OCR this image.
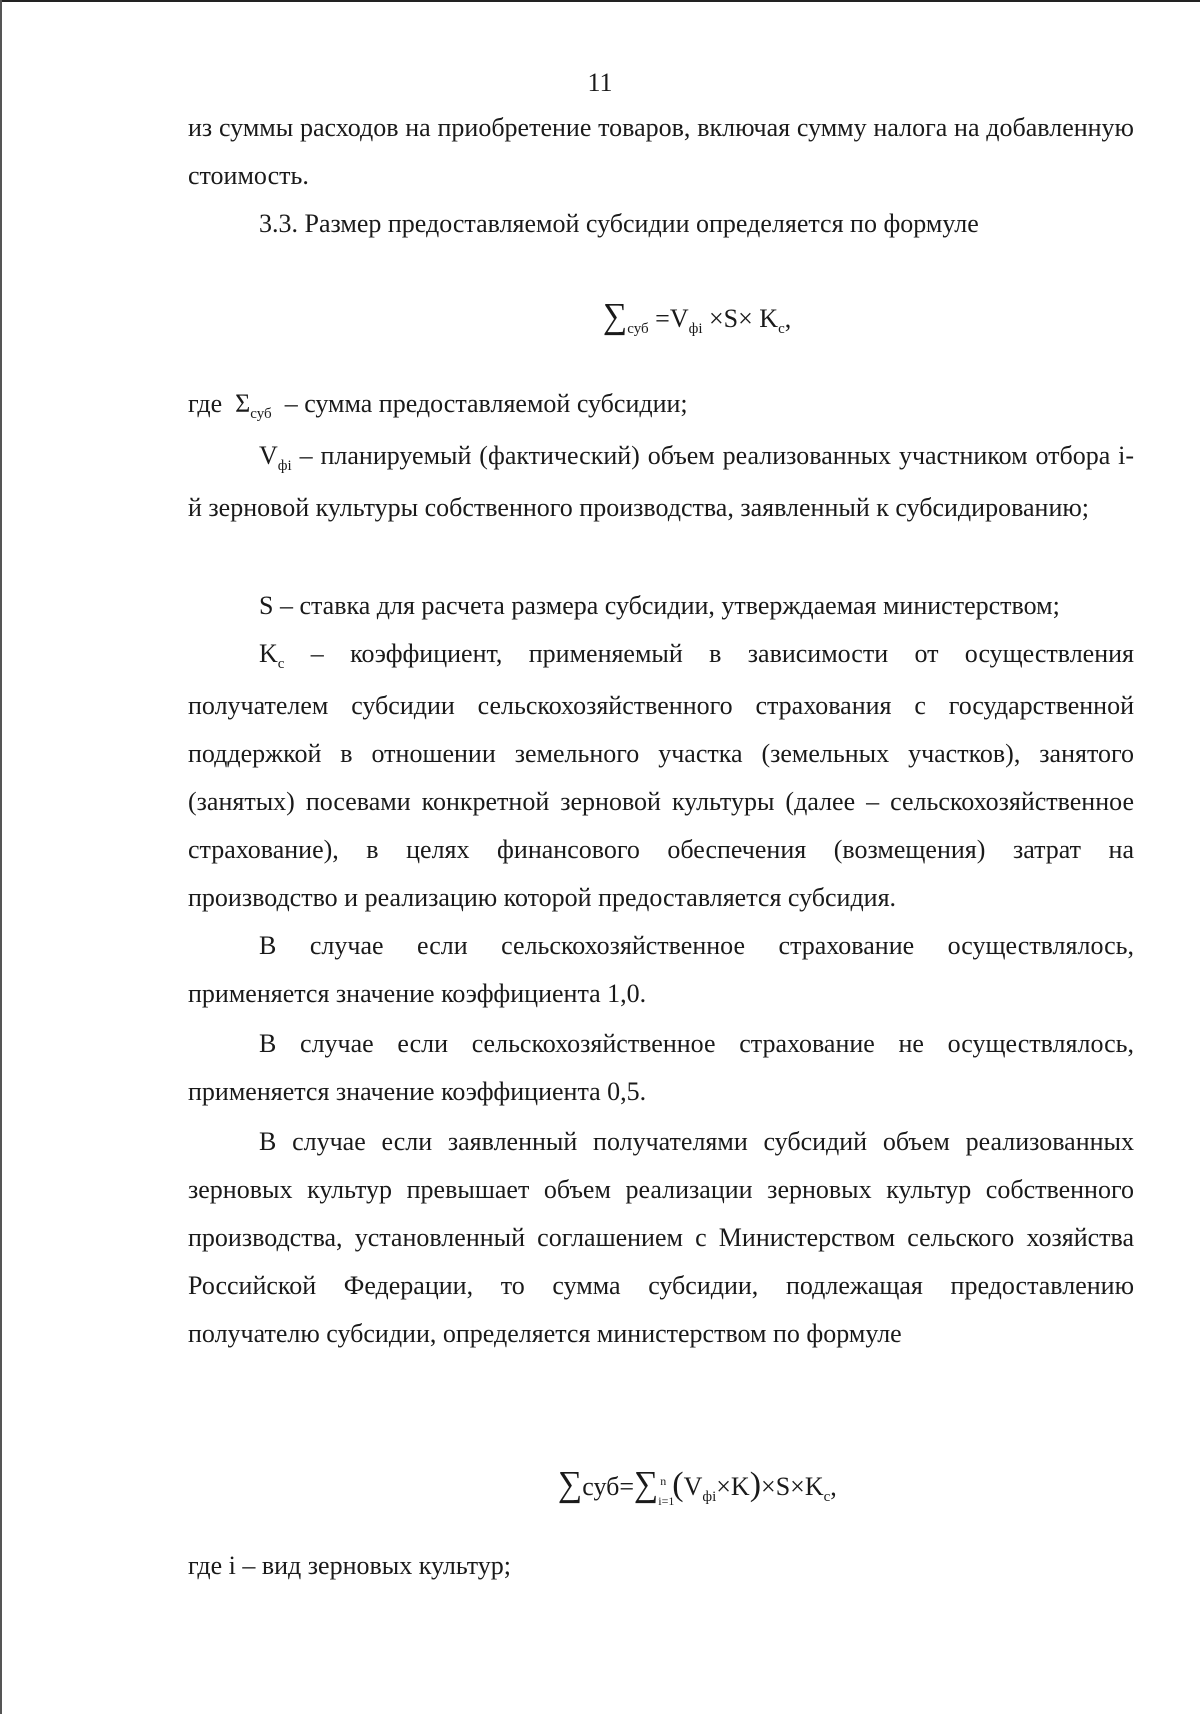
11
из суммы расходов на приобретение товаров, включая сумму налога на добавленную стоимость.
3.3. Размер предоставляемой субсидии определяется по формуле
$\sum_{суб} =V_{фi} \times S\times K_с$,
где $\Sigma_{суб}$ – сумма предоставляемой субсидии;
$V_{фi}$ – планируемый (фактический) объем реализованных участником отбора i-й зерновой культуры собственного производства, заявленный к субсидированию;
S – ставка для расчета размера субсидии, утверждаемая министерством;
$K_с$ – коэффициент, применяемый в зависимости от осуществления получателем субсидии сельскохозяйственного страхования с государственной поддержкой в отношении земельного участка (земельных участков), занятого (занятых) посевами конкретной зерновой культуры (далее – сельскохозяйственное страхование), в целях финансового обеспечения (возмещения) затрат на производство и реализацию которой предоставляется субсидия.
В случае если сельскохозяйственное страхование осуществлялось, применяется значение коэффициента 1,0.
В случае если сельскохозяйственное страхование не осуществлялось, применяется значение коэффициента 0,5.
В случае если заявленный получателями субсидий объем реализованных зерновых культур превышает объем реализации зерновых культур собственного производства, установленный соглашением с Министерством сельского хозяйства Российской Федерации, то сумма субсидии, подлежащая предоставлению получателю субсидии, определяется министерством по формуле
∑суб=∑ n
i=1
$(V_{фi}\times K)\times S\times K_с$,
где i – вид зерновых культур;
